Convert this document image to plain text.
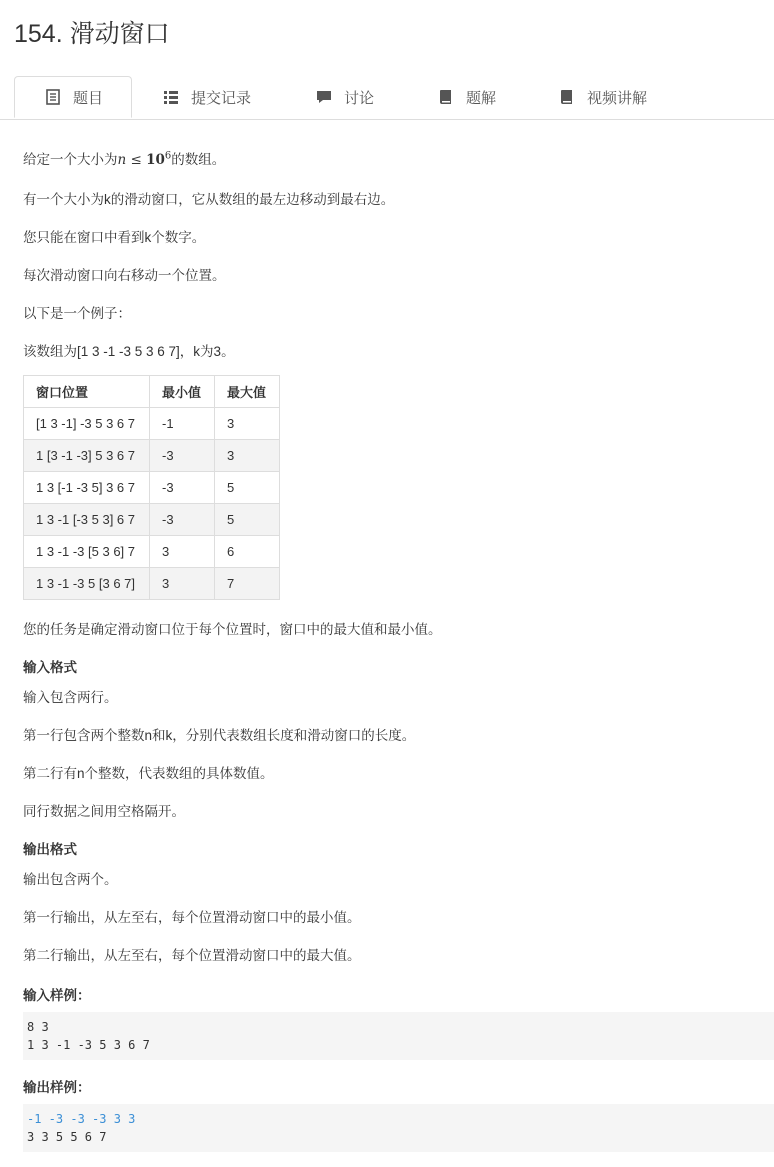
154. 滑动窗口
题目	提交记录	讨论	题解	视频讲解
给定一个大小为$n \le 10^6$的数组。
有一个大小为k的滑动窗口，它从数组的最左边移动到最右边。
您只能在窗口中看到k个数字。
每次滑动窗口向右移动一个位置。
以下是一个例子：
该数组为[1 3 -1 -3 5 3 6 7]，k为3。
窗口位置	最小值	最大值
[1 3 -1] -3 5 3 6 7	-1	3
1 [3 -1 -3] 5 3 6 7	-3	3
1 3 [-1 -3 5] 3 6 7	-3	5
1 3 -1 [-3 5 3] 6 7	-3	5
1 3 -1 -3 [5 3 6] 7	3	6
1 3 -1 -3 5 [3 6 7]	3	7
您的任务是确定滑动窗口位于每个位置时，窗口中的最大值和最小值。
输入格式
输入包含两行。
第一行包含两个整数n和k，分别代表数组长度和滑动窗口的长度。
第二行有n个整数，代表数组的具体数值。
同行数据之间用空格隔开。
输出格式
输出包含两个。
第一行输出，从左至右，每个位置滑动窗口中的最小值。
第二行输出，从左至右，每个位置滑动窗口中的最大值。
输入样例：
8 3
1 3 -1 -3 5 3 6 7
输出样例：
-1 -3 -3 -3 3 3
3 3 5 5 6 7
